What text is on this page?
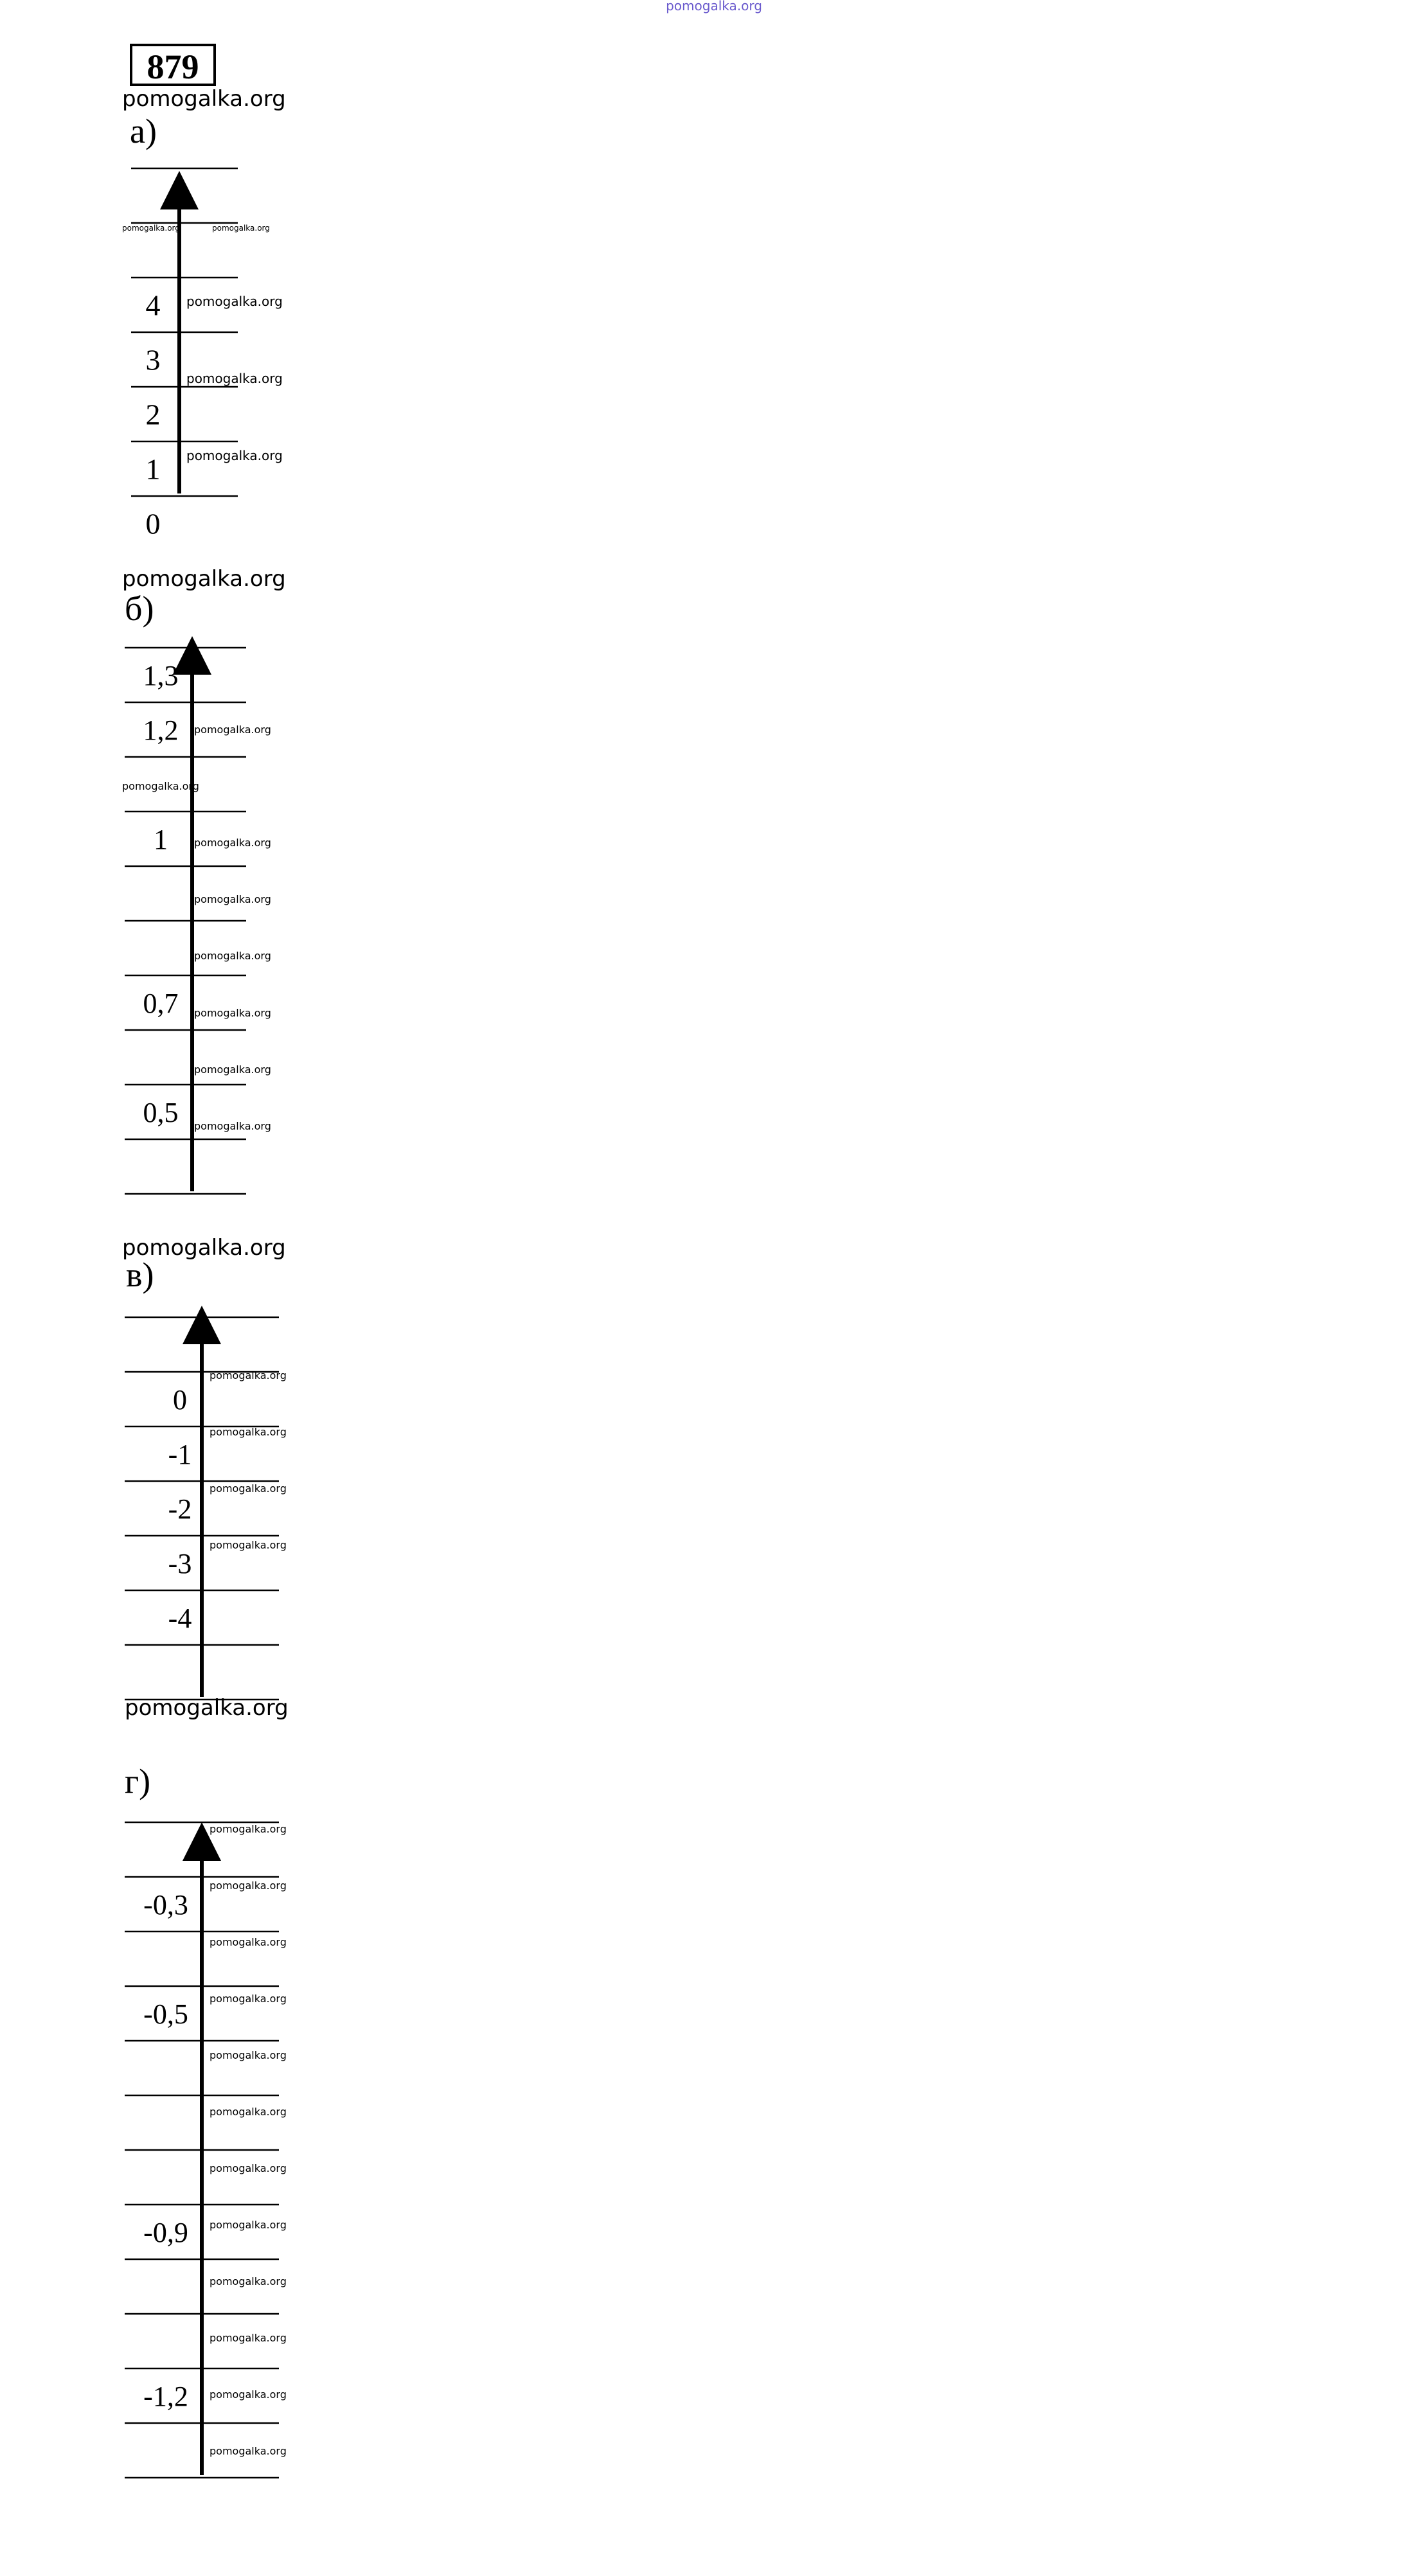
pomogalka.org
879
pomogalka.org
pomogalka.org
pomogalka.org
pomogalka.org
а)
б)
в)
г)
4
3
2
1
0
pomogalka.org	pomogalka.org
pomogalka.org
pomogalka.org
pomogalka.org
1,3
1,2
1
0,7
0,5
pomogalka.org
pomogalka.org
pomogalka.org
pomogalka.org
pomogalka.org
pomogalka.org
pomogalka.org
pomogalka.org
0
-1
-2
-3
-4
pomogalka.org
pomogalka.org
pomogalka.org
pomogalka.org
-0,3
-0,5
-0,9
-1,2
pomogalka.org
pomogalka.org
pomogalka.org
pomogalka.org
pomogalka.org
pomogalka.org
pomogalka.org
pomogalka.org
pomogalka.org
pomogalka.org
pomogalka.org
pomogalka.org
